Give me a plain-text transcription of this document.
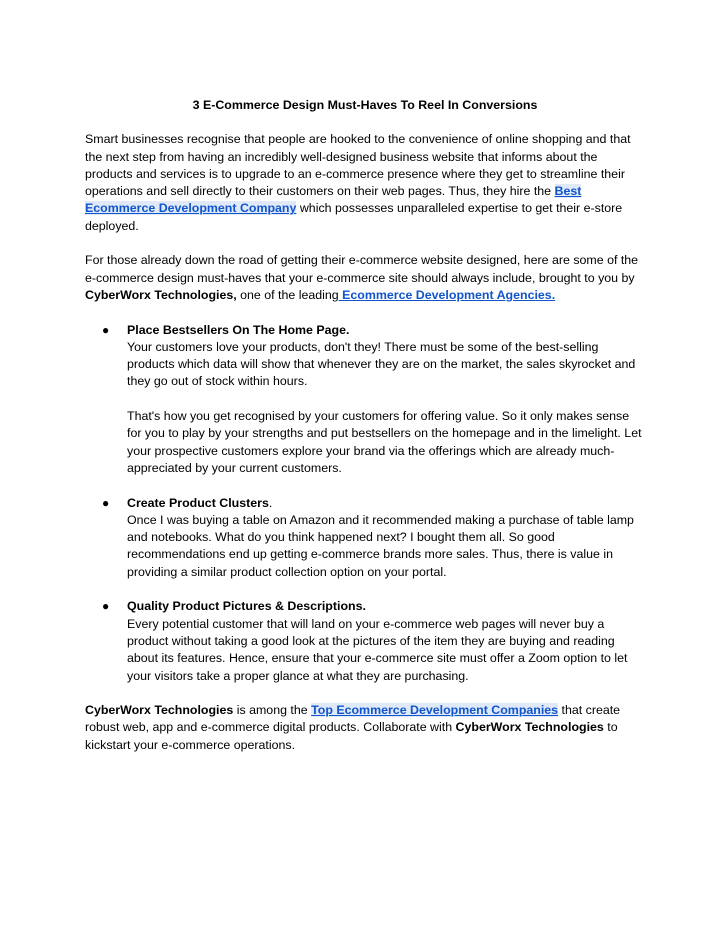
3 E-Commerce Design Must-Haves To Reel In Conversions

Smart businesses recognise that people are hooked to the convenience of online shopping and that the next step from having an incredibly well-designed business website that informs about the products and services is to upgrade to an e-commerce presence where they get to streamline their operations and sell directly to their customers on their web pages. Thus, they hire the Best Ecommerce Development Company which possesses unparalleled expertise to get their e-store deployed.

For those already down the road of getting their e-commerce website designed, here are some of the e-commerce design must-haves that your e-commerce site should always include, brought to you by CyberWorx Technologies, one of the leading Ecommerce Development Agencies.

● Place Bestsellers On The Home Page.

Your customers love your products, don't they! There must be some of the best-selling products which data will show that whenever they are on the market, the sales skyrocket and they go out of stock within hours.

That's how you get recognised by your customers for offering value. So it only makes sense for you to play by your strengths and put bestsellers on the homepage and in the limelight. Let your prospective customers explore your brand via the offerings which are already much-appreciated by your current customers.

● Create Product Clusters.

Once I was buying a table on Amazon and it recommended making a purchase of table lamp and notebooks. What do you think happened next? I bought them all. So good recommendations end up getting e-commerce brands more sales. Thus, there is value in providing a similar product collection option on your portal.

● Quality Product Pictures & Descriptions.

Every potential customer that will land on your e-commerce web pages will never buy a product without taking a good look at the pictures of the item they are buying and reading about its features. Hence, ensure that your e-commerce site must offer a Zoom option to let your visitors take a proper glance at what they are purchasing.

CyberWorx Technologies is among the Top Ecommerce Development Companies that create robust web, app and e-commerce digital products. Collaborate with CyberWorx Technologies to kickstart your e-commerce operations.
